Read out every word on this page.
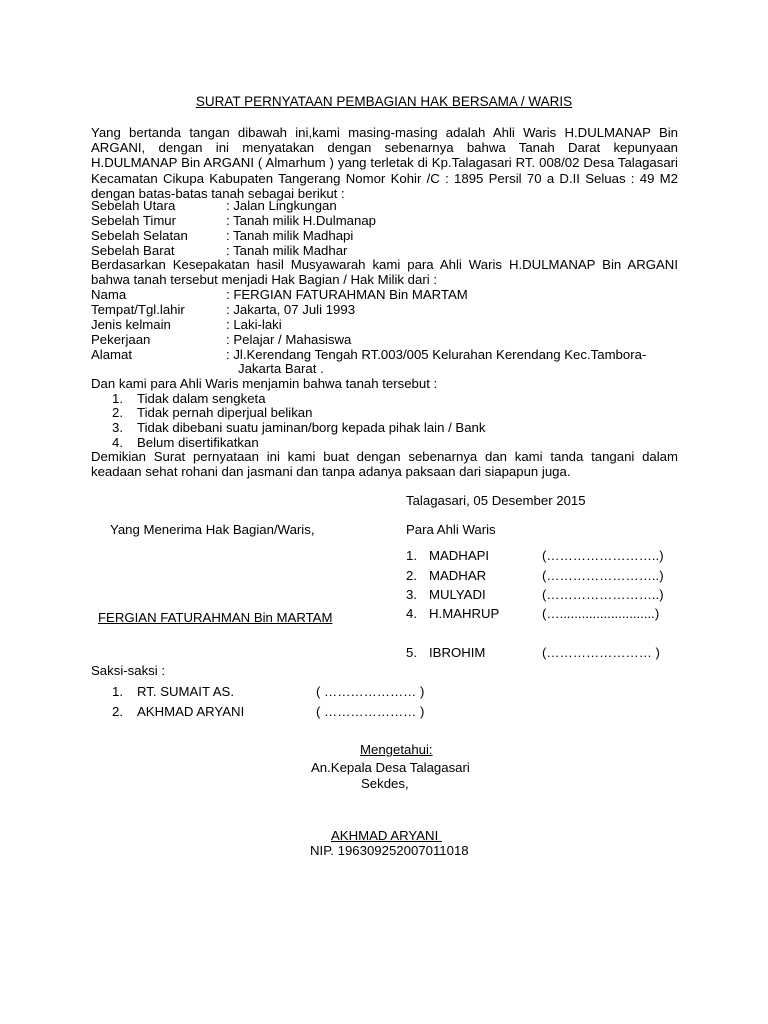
SURAT PERNYATAAN PEMBAGIAN HAK BERSAMA / WARIS
Yang bertanda tangan dibawah ini,kami masing-masing adalah Ahli Waris H.DULMANAP Bin ARGANI, dengan ini menyatakan dengan sebenarnya bahwa Tanah Darat kepunyaan H.DULMANAP Bin ARGANI ( Almarhum ) yang terletak di Kp.Talagasari RT. 008/02 Desa Talagasari Kecamatan Cikupa Kabupaten Tangerang Nomor Kohir /C : 1895 Persil 70 a D.II Seluas : 49 M2 dengan batas-batas tanah sebagai berikut :
Sebelah Utara	: Jalan Lingkungan
Sebelah Timur	: Tanah milik H.Dulmanap
Sebelah Selatan	: Tanah milik Madhapi
Sebelah Barat	: Tanah milik Madhar
Berdasarkan Kesepakatan hasil Musyawarah kami para Ahli Waris H.DULMANAP Bin ARGANI bahwa tanah tersebut menjadi Hak Bagian / Hak Milik dari :
Nama	: FERGIAN FATURAHMAN Bin MARTAM
Tempat/Tgl.lahir	: Jakarta, 07 Juli 1993
Jenis kelmain	: Laki-laki
Pekerjaan	: Pelajar / Mahasiswa
Alamat	: Jl.Kerendang Tengah RT.003/005 Kelurahan Kerendang Kec.Tambora-
Jakarta Barat .
Dan kami para Ahli Waris menjamin bahwa tanah tersebut :
1. Tidak dalam sengketa
2. Tidak pernah diperjual belikan
3. Tidak dibebani suatu jaminan/borg kepada pihak lain / Bank
4. Belum disertifikatkan
Demikian Surat pernyataan ini kami buat dengan sebenarnya dan kami tanda tangani dalam keadaan sehat rohani dan jasmani dan tanpa adanya paksaan dari siapapun juga.
Talagasari, 05 Desember 2015
Yang Menerima Hak Bagian/Waris,	Para Ahli Waris
1. MADHAPI	(……………………..)
2. MADHAR	(……………………..)
3. MULYADI	(……………………..)
4. H.MAHRUP	(…..........................)
5. IBROHIM	(…………………… )
FERGIAN FATURAHMAN Bin MARTAM
Saksi-saksi :
1. RT. SUMAIT AS.	( ………………… )
2. AKHMAD ARYANI	( ………………… )
Mengetahui:
An.Kepala Desa Talagasari
Sekdes,
AKHMAD ARYANI
NIP. 196309252007011018
